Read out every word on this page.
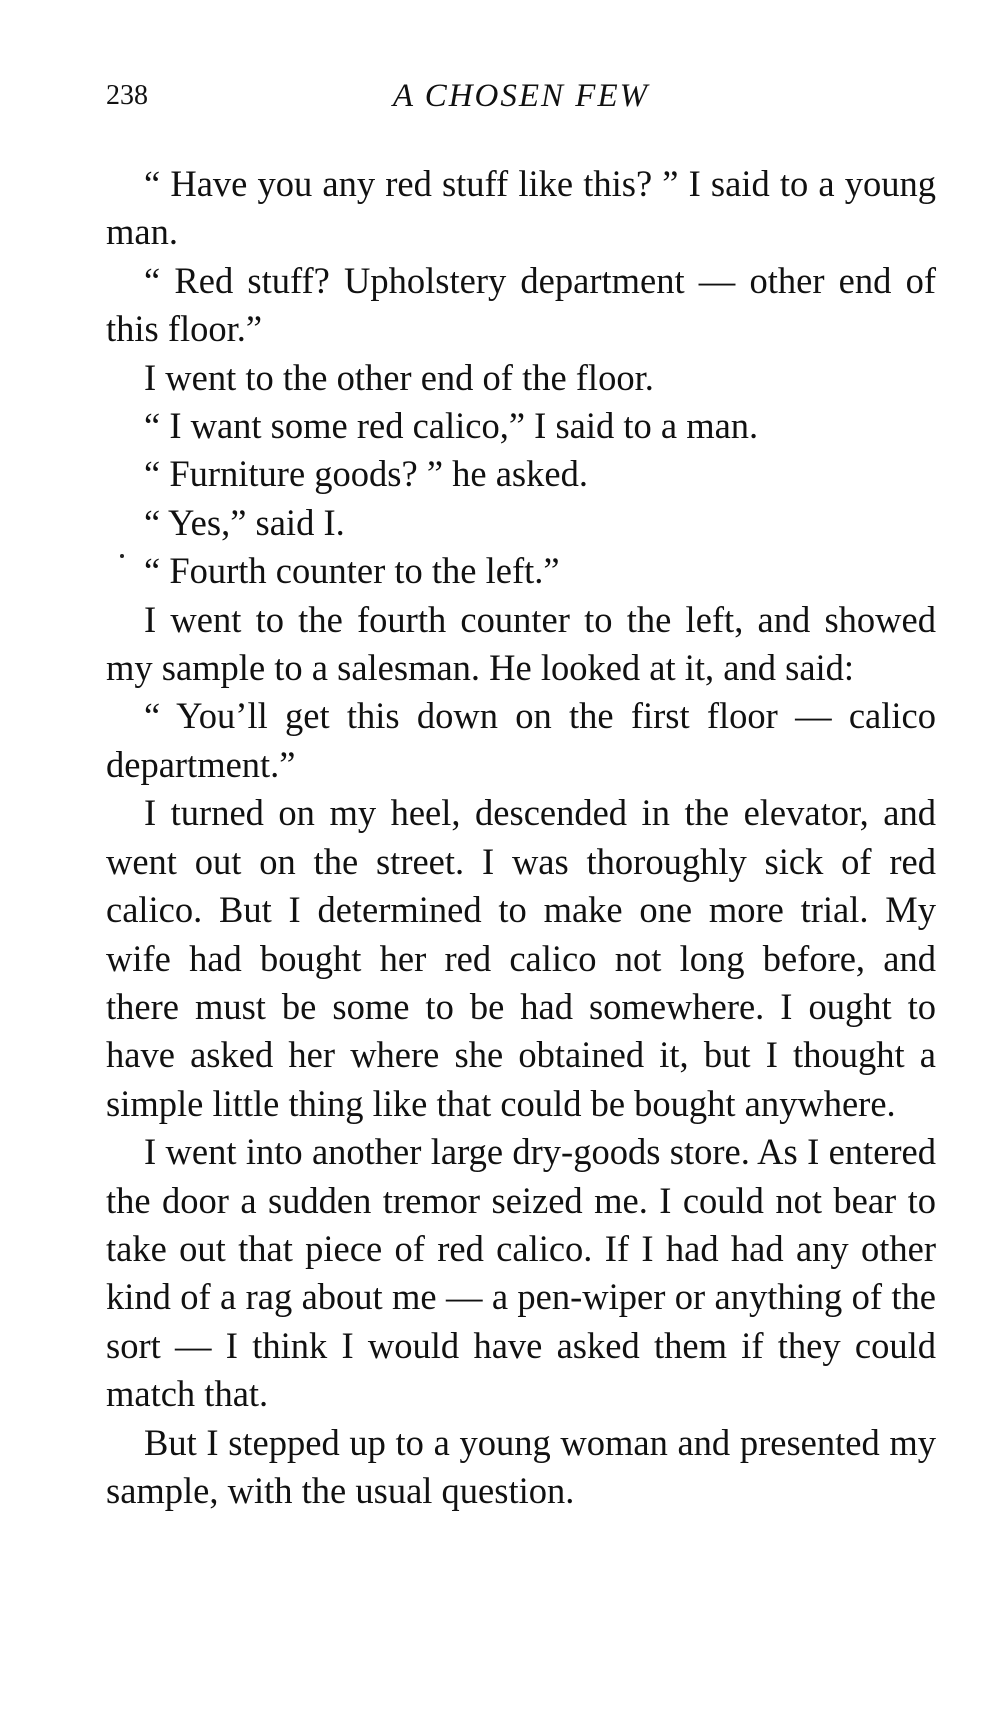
238	A CHOSEN FEW

“ Have you any red stuff like this? ” I said to a young man.

“ Red stuff? Upholstery department — other end of this floor.”

I went to the other end of the floor.

“ I want some red calico,” I said to a man.

“ Furniture goods? ” he asked.

“ Yes,” said I.

“ Fourth counter to the left.”

I went to the fourth counter to the left, and showed my sample to a salesman. He looked at it, and said:

“ You’ll get this down on the first floor — calico department.”

I turned on my heel, descended in the elevator, and went out on the street. I was thoroughly sick of red calico. But I determined to make one more trial. My wife had bought her red calico not long before, and there must be some to be had somewhere. I ought to have asked her where she obtained it, but I thought a simple little thing like that could be bought anywhere.

I went into another large dry-goods store. As I entered the door a sudden tremor seized me. I could not bear to take out that piece of red calico. If I had had any other kind of a rag about me — a pen-wiper or anything of the sort — I think I would have asked them if they could match that.

But I stepped up to a young woman and presented my sample, with the usual question.
